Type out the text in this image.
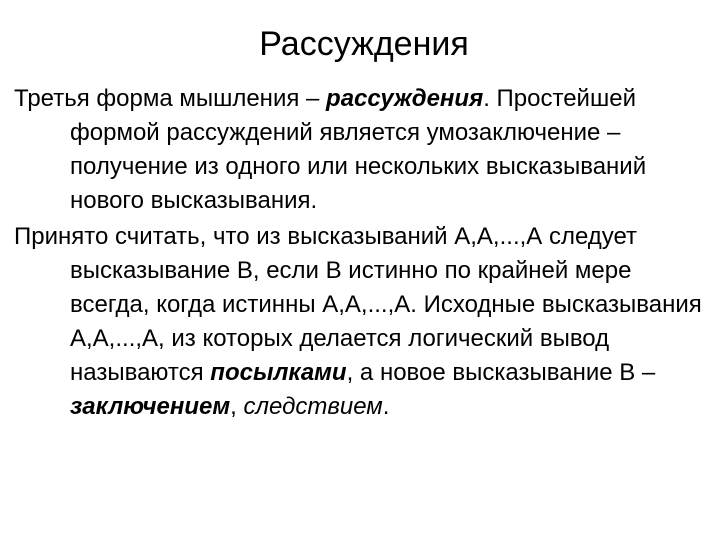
Рассуждения

Третья форма мышления – рассуждения. Простейшей формой рассуждений является умозаключение – получение из одного или нескольких высказываний нового высказывания.

Принято считать, что из высказываний А,А,...,А следует высказывание В, если В истинно по крайней мере всегда, когда истинны А,А,...,А. Исходные высказывания А,А,...,А, из которых делается логический вывод называются посылками, а новое высказывание В – заключением, следствием.
